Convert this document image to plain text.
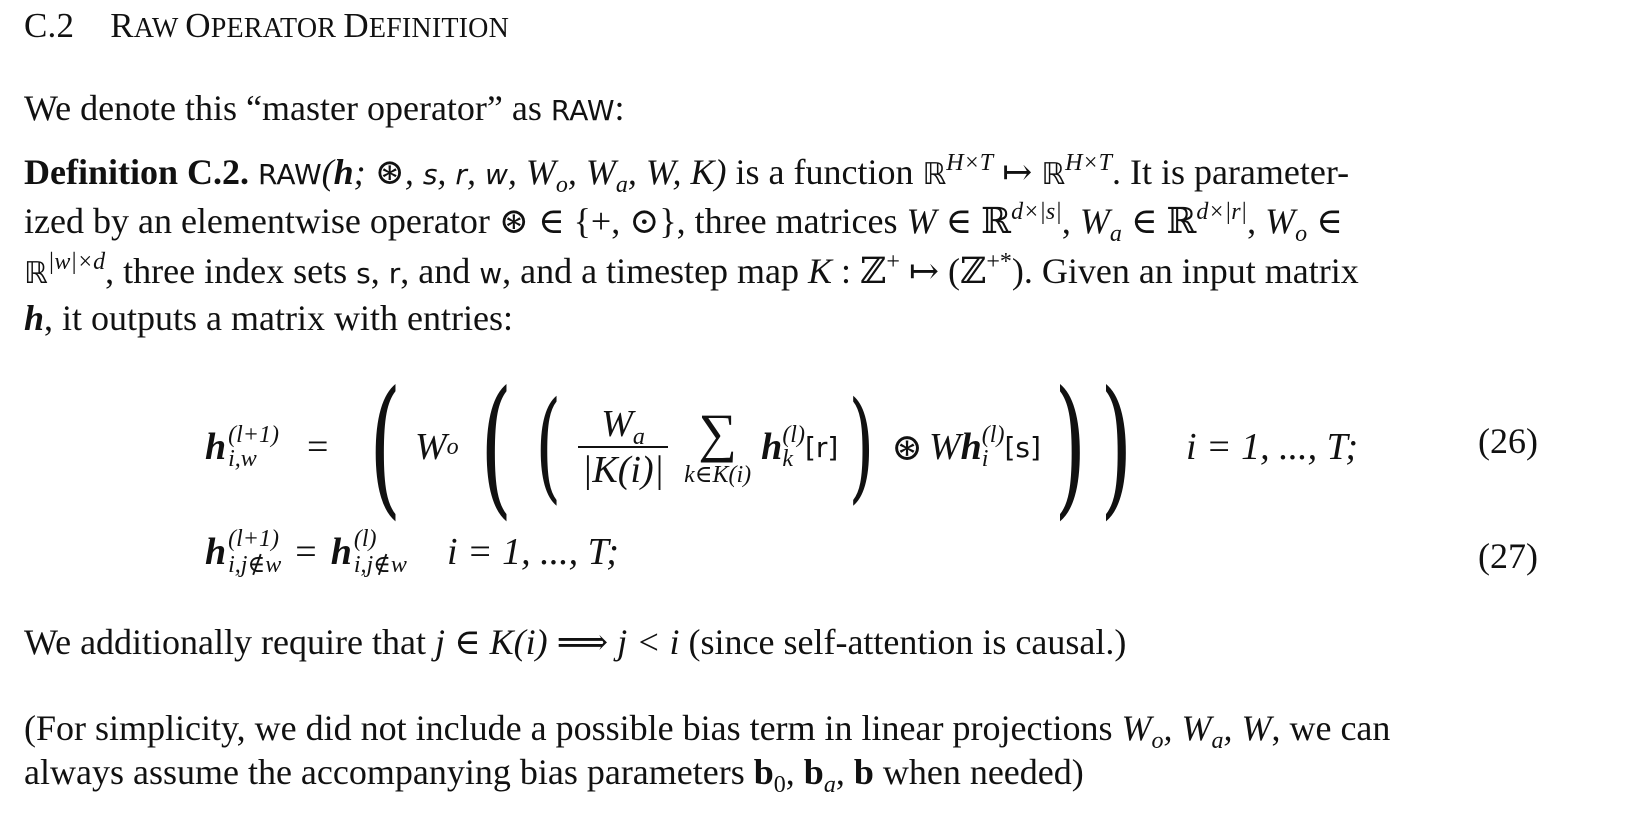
C.2 RAW OPERATOR DEFINITION
We denote this “master operator” as RAW:
Definition C.2. RAW(h; ⊛, s, r, w, $W_o$, $W_a$, W, K) is a function ℝ$^{H\times T}$ ↦ ℝ$^{H\times T}$. It is parameter-
ized by an elementwise operator ⊛ ∈ {+, ⊙}, three matrices W ∈ ℝ$^{d\times|s|}$, $W_a$ ∈ ℝ$^{d\times|r|}$, $W_o$ ∈
ℝ$^{|w|\times d}$, three index sets s, r, and w, and a timestep map K : ℤ+ ↦ (ℤ+*). Given an input matrix
h, it outputs a matrix with entries:
h (l+1)
i,w	= ( W o ( ( $\frac{W_a}{|K(i)|}$ ∑
k∈K(i)
h (l)
k [r] ) ⊛ W h (l)
i [s] ) ) i = 1, ..., T;	(26)
h (l+1)
i,j∉w = h (l)
i,j∉w i = 1, ..., T;	(27)
We additionally require that j ∈ K(i) ⟹ j < i (since self-attention is causal.)
(For simplicity, we did not include a possible bias term in linear projections $W_o$, $W_a$, W, we can
always assume the accompanying bias parameters $b_0$, $b_a$, b when needed)
